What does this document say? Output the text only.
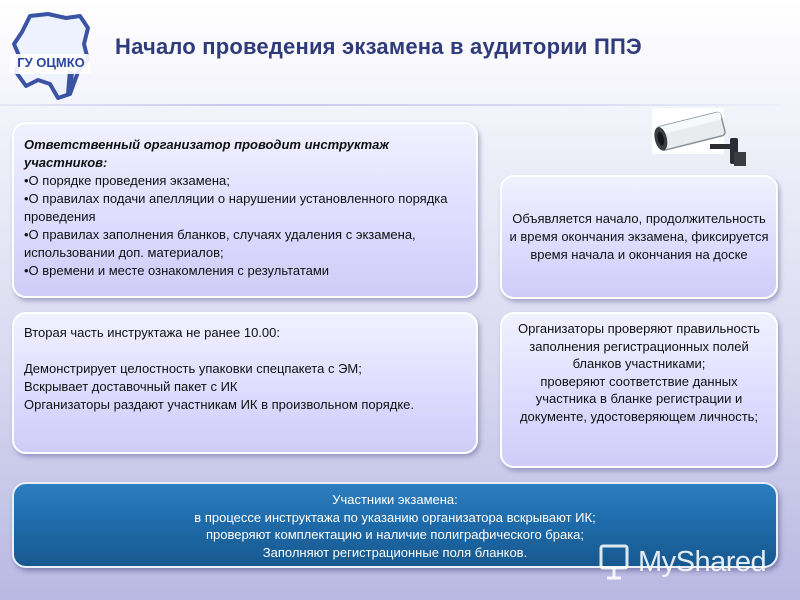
ГУ ОЦМКО
Начало проведения экзамена в аудитории ППЭ
Ответственный организатор проводит инструктаж участников:
•О порядке проведения экзамена;
•О правилах подачи апелляции о нарушении установленного порядка проведения
•О правилах заполнения бланков, случаях удаления с экзамена, использовании доп. материалов;
•О времени и месте ознакомления с результатами
Объявляется начало, продолжительность и время окончания экзамена, фиксируется время начала и окончания на доске
Вторая часть инструктажа не ранее 10.00:
Демонстрирует целостность упаковки спецпакета с ЭМ;
Вскрывает доставочный пакет с ИК
Организаторы раздают участникам ИК в произвольном порядке.
Организаторы проверяют правильность заполнения регистрационных полей бланков участниками;
проверяют соответствие данных участника в бланке регистрации и документе, удостоверяющем личность;
Участники экзамена:
в процессе инструктажа по указанию организатора вскрывают ИК;
проверяют комплектацию и наличие полиграфического брака;
Заполняют регистрационные поля бланков.	MyShared
